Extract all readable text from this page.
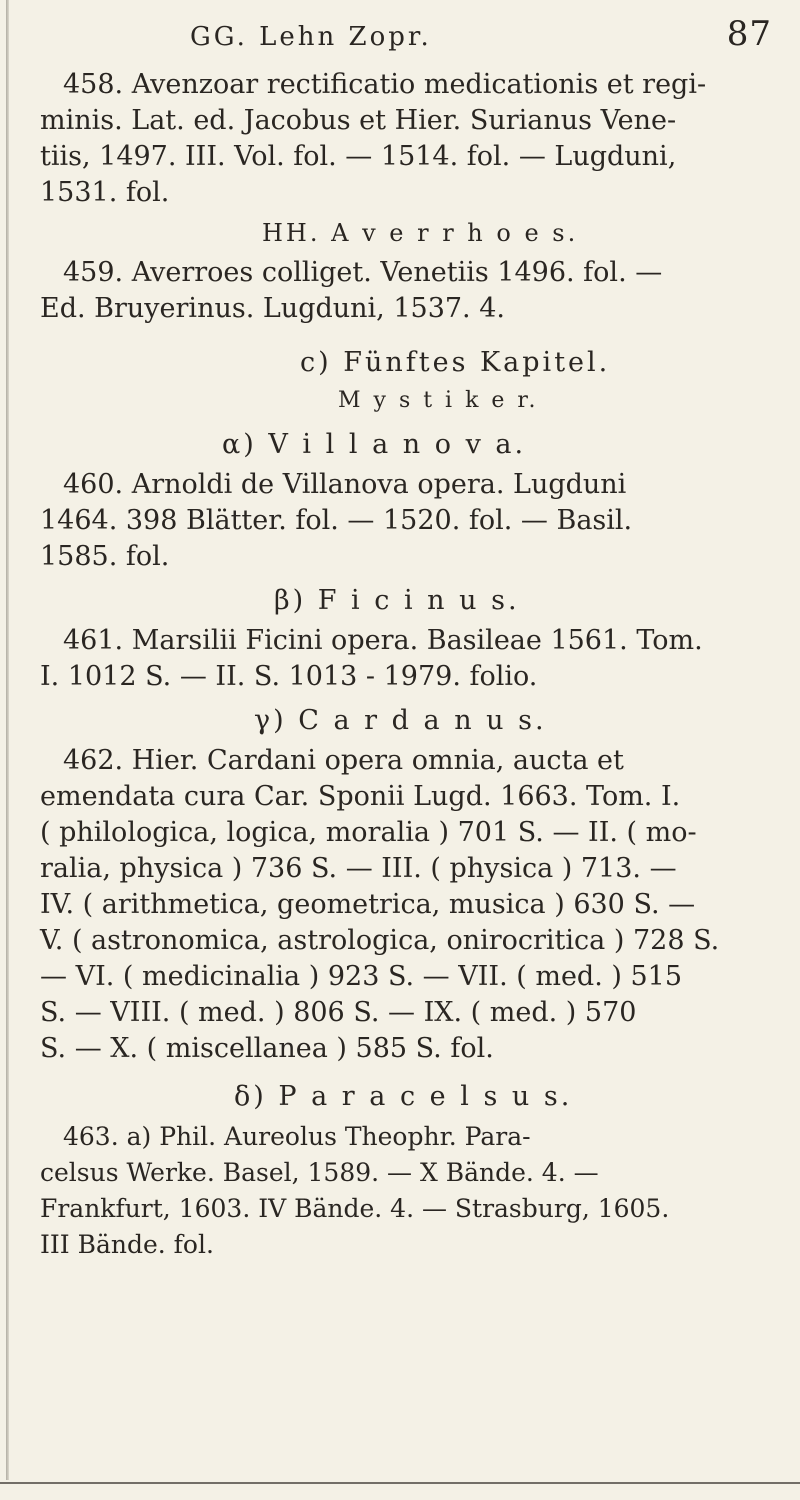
87
GG. Lehn Zopr.
458. Avenzoar rectificatio medicationis et regi-
minis. Lat. ed. Jacobus et Hier. Surianus Vene-
tiis, 1497. III. Vol. fol. — 1514. fol. — Lugduni,
1531. fol.
HH. A v e r r h o e s.
459. Averroes colliget. Venetiis 1496. fol. —
Ed. Bruyerinus. Lugduni, 1537. 4.
c) Fünftes Kapitel.
M y s t i k e r.
α) V i l l a n o v a.
460. Arnoldi de Villanova opera. Lugduni
1464. 398 Blätter. fol. — 1520. fol. — Basil.
1585. fol.
β) F i c i n u s.
461. Marsilii Ficini opera. Basileae 1561. Tom.
I. 1012 S. — II. S. 1013 - 1979. folio.
γ) C a r d a n u s.
462. Hier. Cardani opera omnia, aucta et
emendata cura Car. Sponii Lugd. 1663. Tom. I.
( philologica, logica, moralia ) 701 S. — II. ( mo-
ralia, physica ) 736 S. — III. ( physica ) 713. —
IV. ( arithmetica, geometrica, musica ) 630 S. —
V. ( astronomica, astrologica, onirocritica ) 728 S.
— VI. ( medicinalia ) 923 S. — VII. ( med. ) 515
S. — VIII. ( med. ) 806 S. — IX. ( med. ) 570
S. — X. ( miscellanea ) 585 S. fol.
δ) P a r a c e l s u s.
463. a) Phil. Aureolus Theophr. Para-
celsus Werke. Basel, 1589. — X Bände. 4. —
Frankfurt, 1603. IV Bände. 4. — Strasburg, 1605.
III Bände. fol.
